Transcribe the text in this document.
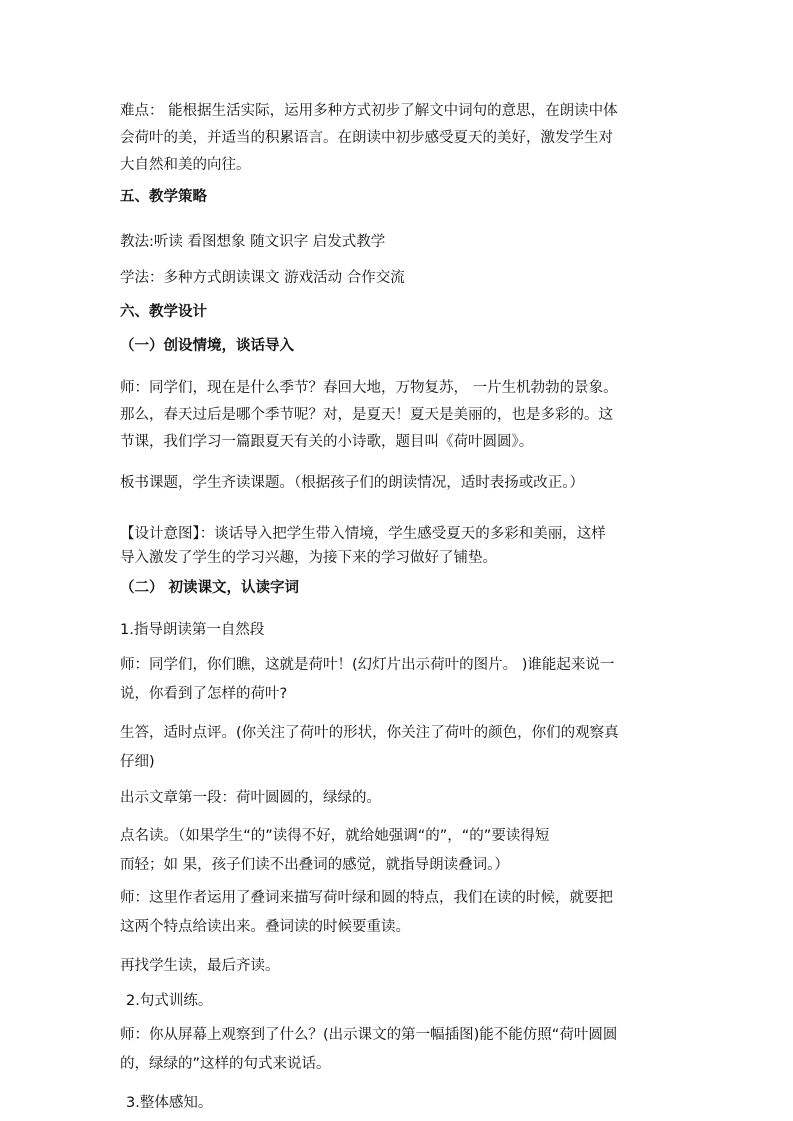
难点： 能根据生活实际，运用多种方式初步了解文中词句的意思，在朗读中体
会荷叶的美，并适当的积累语言。在朗读中初步感受夏天的美好，激发学生对
大自然和美的向往。

五、教学策略

教法:听读 看图想象 随文识字 启发式教学

学法：多种方式朗读课文 游戏活动 合作交流

六、教学设计

（一）创设情境，谈话导入

师：同学们，现在是什么季节？春回大地，万物复苏， 一片生机勃勃的景象。
那么，春天过后是哪个季节呢？对，是夏天！夏天是美丽的，也是多彩的。这
节课，我们学习一篇跟夏天有关的小诗歌，题目叫《荷叶圆圆》。

板书课题，学生齐读课题。（根据孩子们的朗读情况，适时表扬或改正。）

【设计意图】：谈话导入把学生带入情境，学生感受夏天的多彩和美丽，这样
导入激发了学生的学习兴趣，为接下来的学习做好了铺垫。

（二） 初读课文，认读字词

1.指导朗读第一自然段

师：同学们，你们瞧，这就是荷叶！(幻灯片出示荷叶的图片。 )谁能起来说一
说，你看到了怎样的荷叶?

生答，适时点评。(你关注了荷叶的形状，你关注了荷叶的颜色，你们的观察真
仔细)

出示文章第一段：荷叶圆圆的，绿绿的。

点名读。（如果学生“的”读得不好，就给她强调“的”，“的”要读得短
而轻；如 果，孩子们读不出叠词的感觉，就指导朗读叠词。）

师：这里作者运用了叠词来描写荷叶绿和圆的特点，我们在读的时候，就要把
这两个特点给读出来。叠词读的时候要重读。

再找学生读，最后齐读。

2.句式训练。

师：你从屏幕上观察到了什么？(出示课文的第一幅插图)能不能仿照“荷叶圆圆
的，绿绿的”这样的句式来说话。

3.整体感知。
